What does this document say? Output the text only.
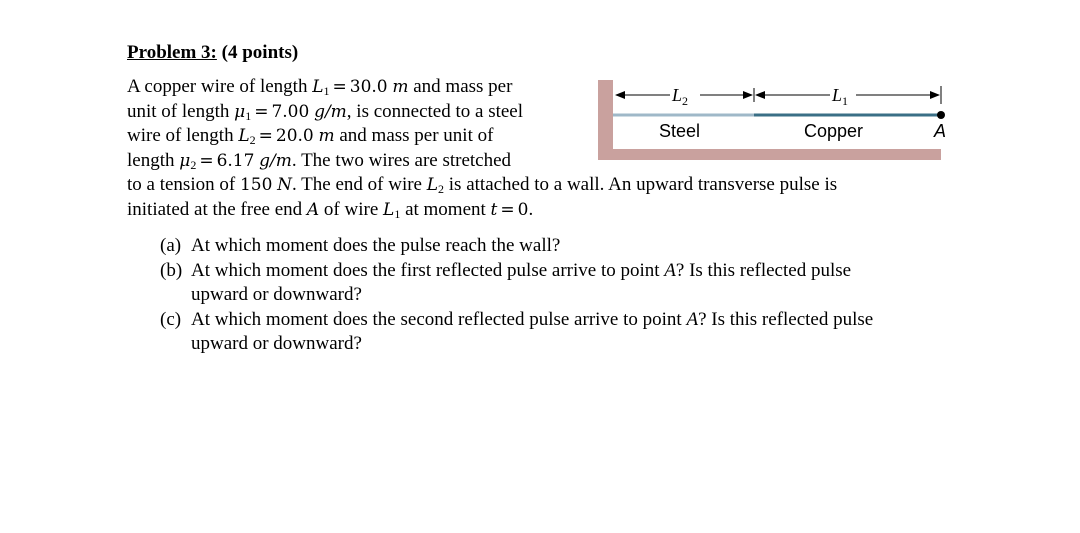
Problem 3: (4 points)
A copper wire of length $L_1 = 30.0$ m and mass per
unit of length $\mu_1 = 7.00$ g/m, is connected to a steel
wire of length $L_2 = 20.0$ m and mass per unit of
length $\mu_2 = 6.17$ g/m. The two wires are stretched
to a tension of 150 N. The end of wire $L_2$ is attached to a wall. An upward transverse pulse is
initiated at the free end A of wire $L_1$ at moment t = 0.
(a) At which moment does the pulse reach the wall?
(b) At which moment does the first reflected pulse arrive to point A? Is this reflected pulse
upward or downward?
(c) At which moment does the second reflected pulse arrive to point A? Is this reflected pulse
upward or downward?
$L_2$	$L_1$
Steel	Copper	A
